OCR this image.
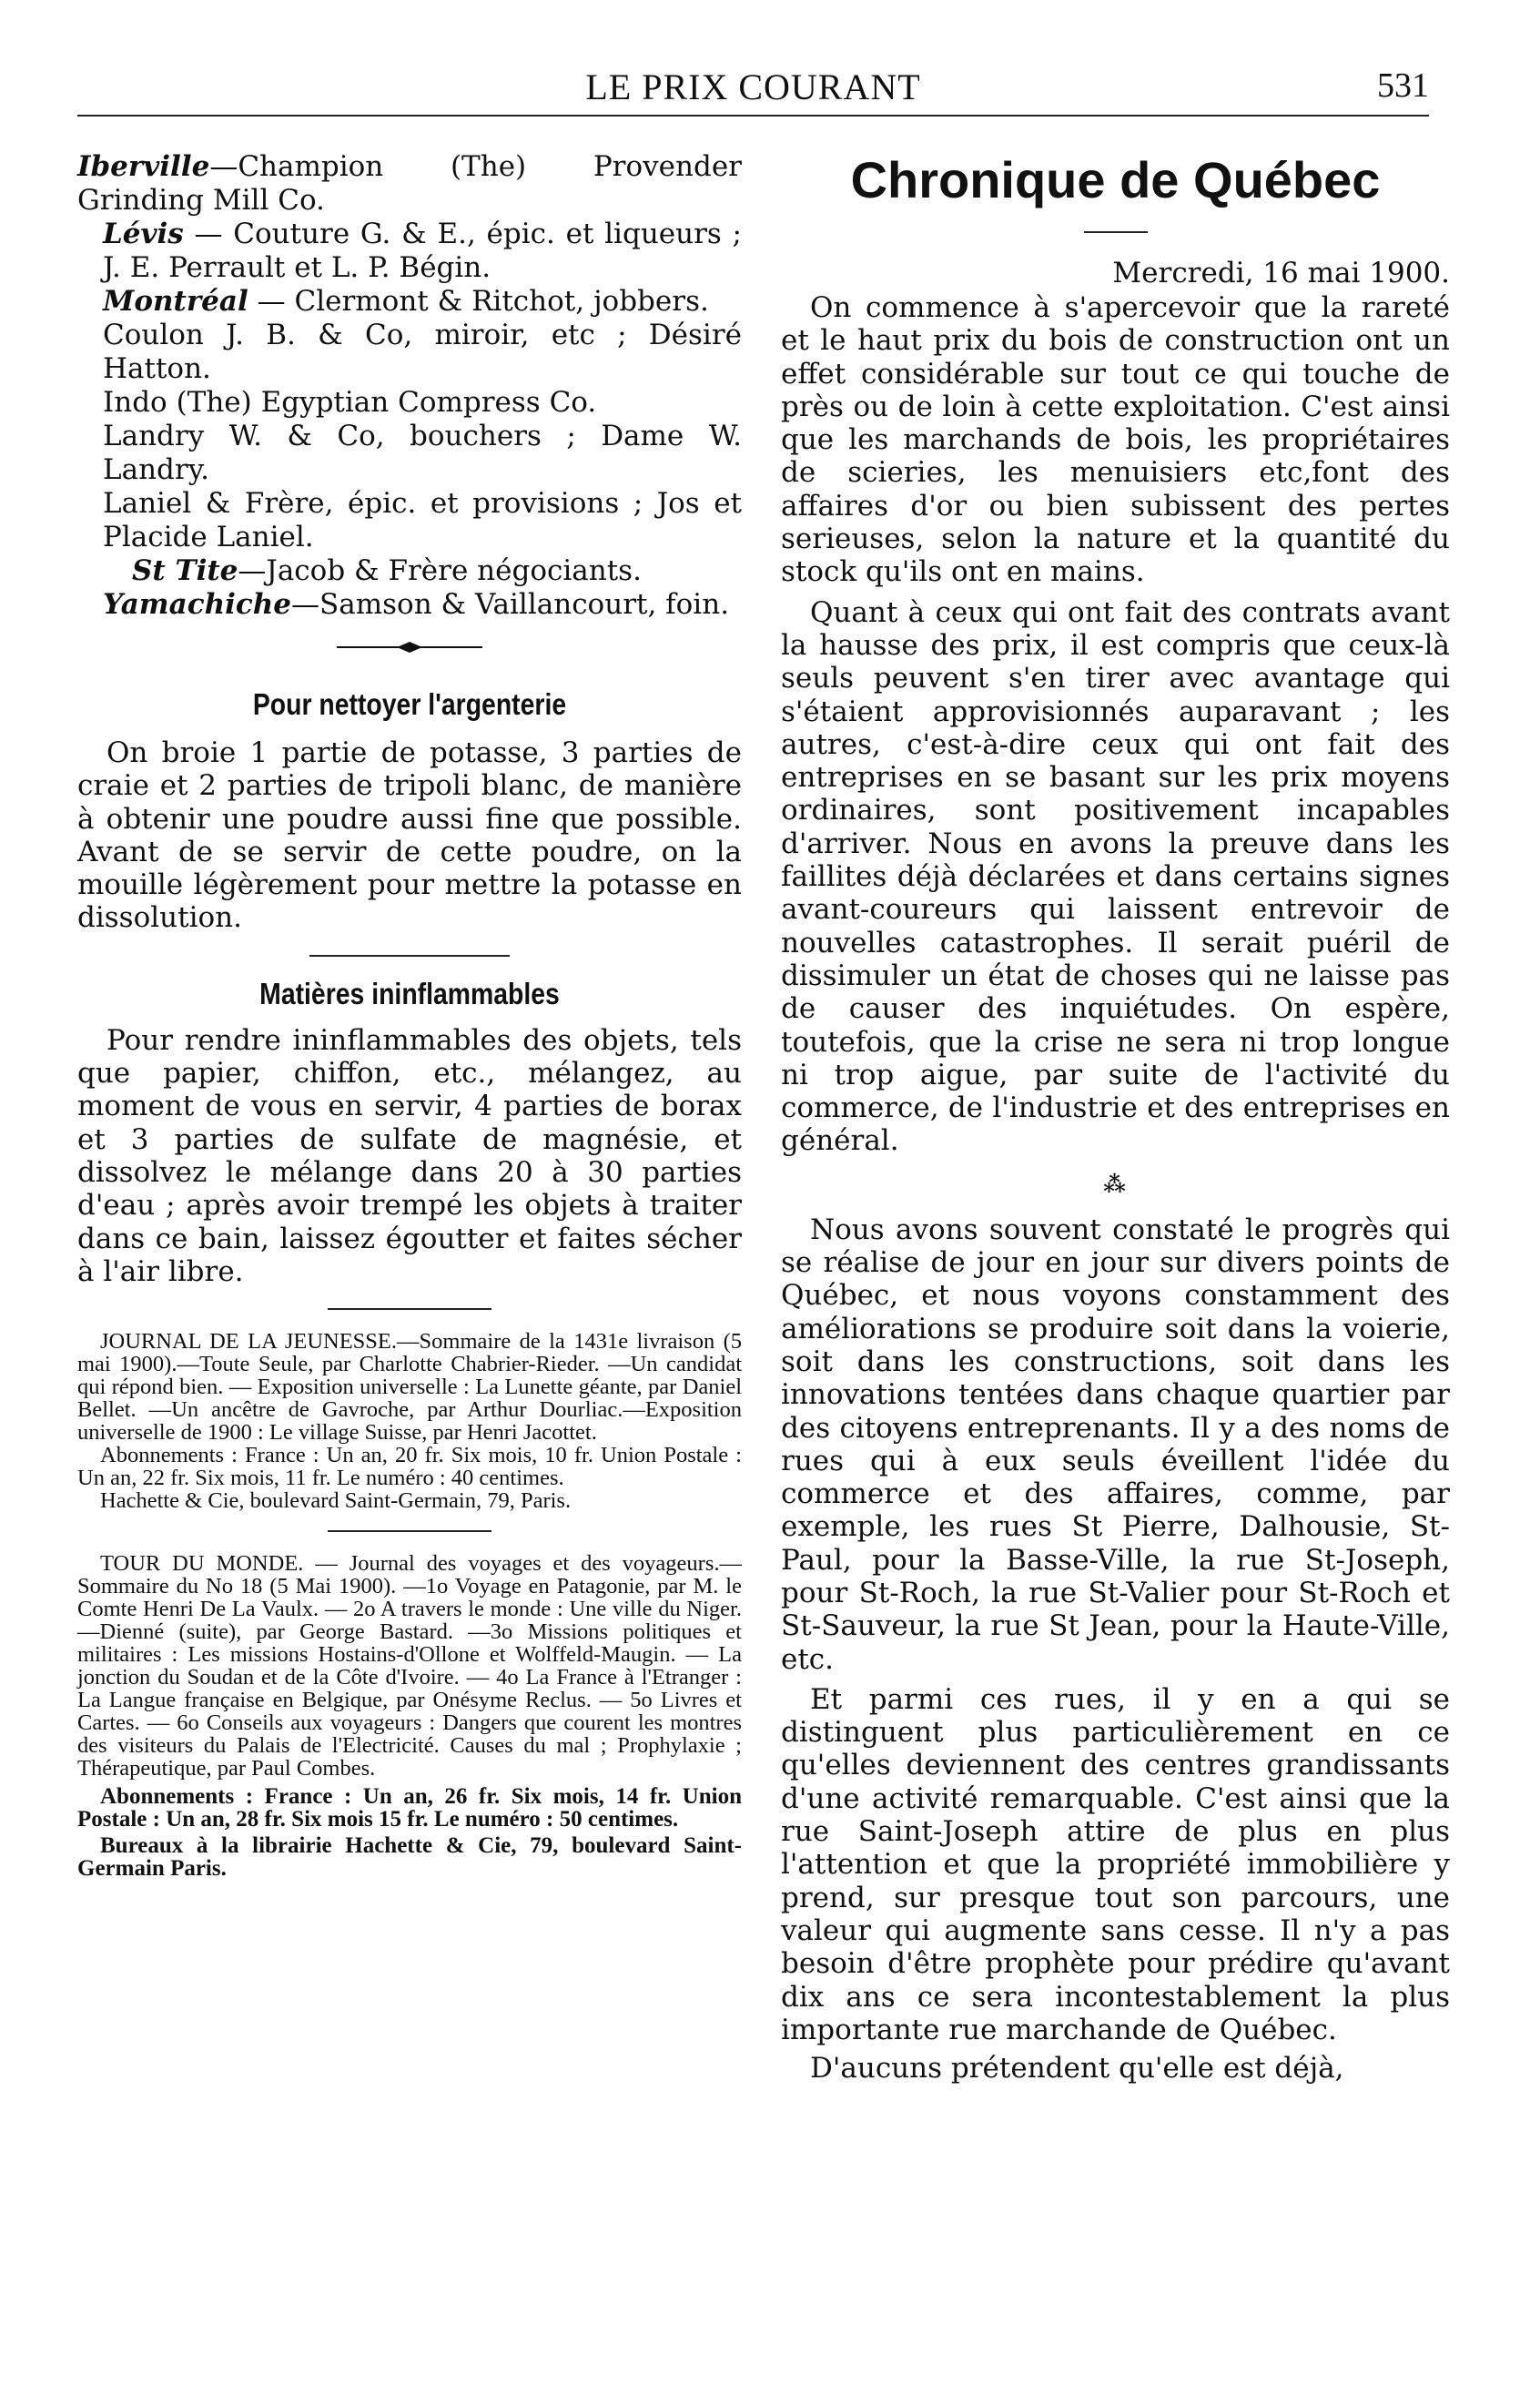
LE PRIX COURANT	531

Iberville—Champion (The) Provender Grinding Mill Co.

Lévis — Couture G. & E., épic. et liqueurs ; J. E. Perrault et L. P. Bégin.

Montréal — Clermont & Ritchot, jobbers.

Coulon J. B. & Co, miroir, etc ; Désiré Hatton.

Indo (The) Egyptian Compress Co.

Landry W. & Co, bouchers ; Dame W. Landry.

Laniel & Frère, épic. et provisions ; Jos et Placide Laniel.

St Tite—Jacob & Frère négociants.

Yamachiche—Samson & Vaillancourt, foin.

Pour nettoyer l'argenterie

On broie 1 partie de potasse, 3 parties de craie et 2 parties de tripoli blanc, de manière à obtenir une poudre aussi fine que possible. Avant de se servir de cette poudre, on la mouille légèrement pour mettre la potasse en dissolution.

Matières ininflammables

Pour rendre ininflammables des objets, tels que papier, chiffon, etc., mélangez, au moment de vous en servir, 4 parties de borax et 3 parties de sulfate de magnésie, et dissolvez le mélange dans 20 à 30 parties d'eau ; après avoir trempé les objets à traiter dans ce bain, laissez égoutter et faites sécher à l'air libre.

JOURNAL DE LA JEUNESSE.—Sommaire de la 1431e livraison (5 mai 1900).—Toute Seule, par Charlotte Chabrier-Rieder. —Un candidat qui répond bien. — Exposition universelle : La Lunette géante, par Daniel Bellet. —Un ancêtre de Gavroche, par Arthur Dourliac.—Exposition universelle de 1900 : Le village Suisse, par Henri Jacottet.

Abonnements : France : Un an, 20 fr. Six mois, 10 fr. Union Postale : Un an, 22 fr. Six mois, 11 fr. Le numéro : 40 centimes.

Hachette & Cie, boulevard Saint-Germain, 79, Paris.

TOUR DU MONDE. — Journal des voyages et des voyageurs.—Sommaire du No 18 (5 Mai 1900). —1o Voyage en Patagonie, par M. le Comte Henri De La Vaulx. — 2o A travers le monde : Une ville du Niger.—Dienné (suite), par George Bastard. —3o Missions politiques et militaires : Les missions Hostains-d'Ollone et Wolffeld-Maugin. — La jonction du Soudan et de la Côte d'Ivoire. — 4o La France à l'Etranger : La Langue française en Belgique, par Onésyme Reclus. — 5o Livres et Cartes. — 6o Conseils aux voyageurs : Dangers que courent les montres des visiteurs du Palais de l'Electricité. Causes du mal ; Prophylaxie ; Thérapeutique, par Paul Combes.

Abonnements : France : Un an, 26 fr. Six mois, 14 fr. Union Postale : Un an, 28 fr. Six mois 15 fr. Le numéro : 50 centimes.

Bureaux à la librairie Hachette & Cie, 79, boulevard Saint-Germain Paris.

Chronique de Québec

Mercredi, 16 mai 1900.

On commence à s'apercevoir que la rareté et le haut prix du bois de construction ont un effet considérable sur tout ce qui touche de près ou de loin à cette exploitation. C'est ainsi que les marchands de bois, les propriétaires de scieries, les menuisiers etc,font des affaires d'or ou bien subissent des pertes serieuses, selon la nature et la quantité du stock qu'ils ont en mains.

Quant à ceux qui ont fait des contrats avant la hausse des prix, il est compris que ceux-là seuls peuvent s'en tirer avec avantage qui s'étaient approvisionnés auparavant ; les autres, c'est-à-dire ceux qui ont fait des entreprises en se basant sur les prix moyens ordinaires, sont positivement incapables d'arriver. Nous en avons la preuve dans les faillites déjà déclarées et dans certains signes avant-coureurs qui laissent entrevoir de nouvelles catastrophes. Il serait puéril de dissimuler un état de choses qui ne laisse pas de causer des inquiétudes. On espère, toutefois, que la crise ne sera ni trop longue ni trop aigue, par suite de l'activité du commerce, de l'industrie et des entreprises en général.

⁂

Nous avons souvent constaté le progrès qui se réalise de jour en jour sur divers points de Québec, et nous voyons constamment des améliorations se produire soit dans la voierie, soit dans les constructions, soit dans les innovations tentées dans chaque quartier par des citoyens entreprenants. Il y a des noms de rues qui à eux seuls éveillent l'idée du commerce et des affaires, comme, par exemple, les rues St Pierre, Dalhousie, St-Paul, pour la Basse-Ville, la rue St-Joseph, pour St-Roch, la rue St-Valier pour St-Roch et St-Sauveur, la rue St Jean, pour la Haute-Ville, etc.

Et parmi ces rues, il y en a qui se distinguent plus particulièrement en ce qu'elles deviennent des centres grandissants d'une activité remarquable. C'est ainsi que la rue Saint-Joseph attire de plus en plus l'attention et que la propriété immobilière y prend, sur presque tout son parcours, une valeur qui augmente sans cesse. Il n'y a pas besoin d'être prophète pour prédire qu'avant dix ans ce sera incontestablement la plus importante rue marchande de Québec.

D'aucuns prétendent qu'elle est déjà,
